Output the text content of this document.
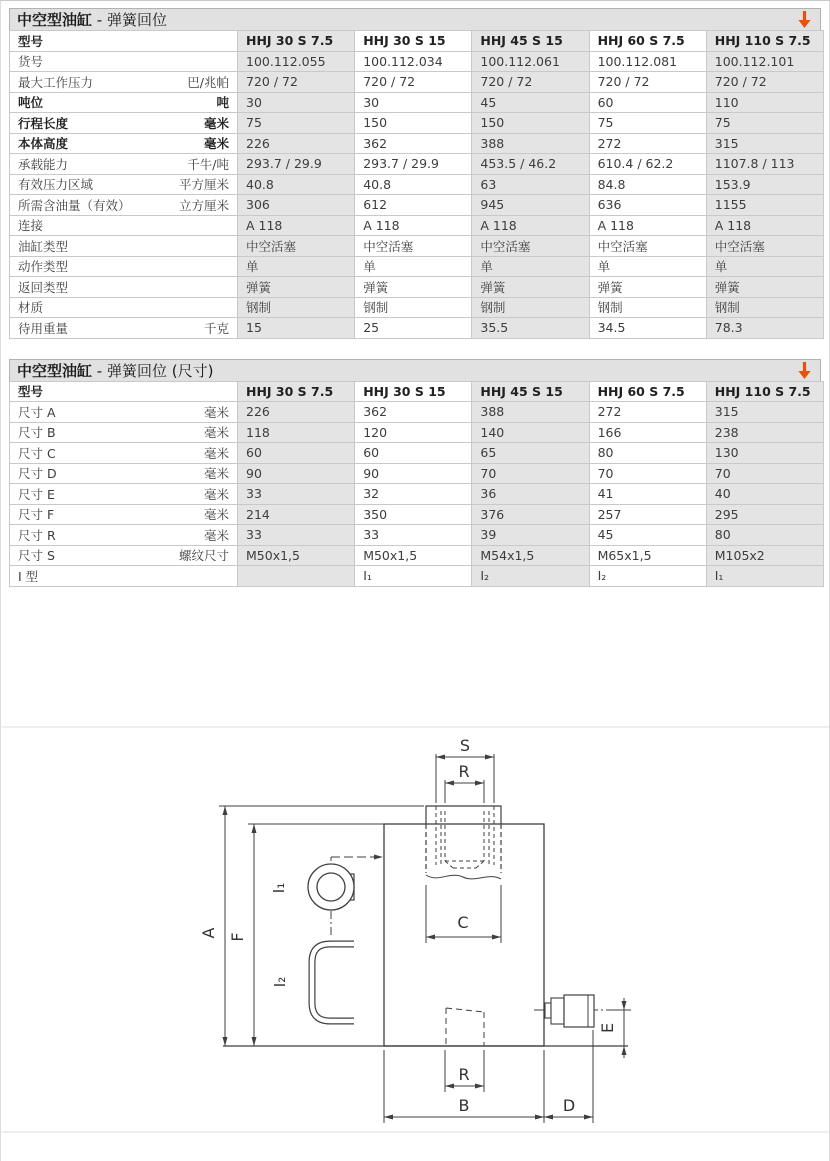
中空型油缸 - 弹簧回位
型号	HHJ 30 S 7.5	HHJ 30 S 15	HHJ 45 S 15	HHJ 60 S 7.5	HHJ 110 S 7.5
货号	100.112.055	100.112.034	100.112.061	100.112.081	100.112.101
最大工作压力 巴/兆帕	720 / 72	720 / 72	720 / 72	720 / 72	720 / 72
吨位 吨	30	30	45	60	110
行程长度 毫米	75	150	150	75	75
本体高度 毫米	226	362	388	272	315
承载能力 千牛/吨	293.7 / 29.9	293.7 / 29.9	453.5 / 46.2	610.4 / 62.2	1107.8 / 113
有效压力区域 平方厘米	40.8	40.8	63	84.8	153.9
所需含油量（有效） 立方厘米	306	612	945	636	1155
连接	A 118	A 118	A 118	A 118	A 118
油缸类型	中空活塞	中空活塞	中空活塞	中空活塞	中空活塞
动作类型	单	单	单	单	单
返回类型	弹簧	弹簧	弹簧	弹簧	弹簧
材质	钢制	钢制	钢制	钢制	钢制
待用重量 千克	15	25	35.5	34.5	78.3
中空型油缸 - 弹簧回位 (尺寸)
型号	HHJ 30 S 7.5	HHJ 30 S 15	HHJ 45 S 15	HHJ 60 S 7.5	HHJ 110 S 7.5
尺寸 A 毫米	226	362	388	272	315
尺寸 B 毫米	118	120	140	166	238
尺寸 C 毫米	60	60	65	80	130
尺寸 D 毫米	90	90	70	70	70
尺寸 E 毫米	33	32	36	41	40
尺寸 F 毫米	214	350	376	257	295
尺寸 R 毫米	33	33	39	45	80
尺寸 S 螺纹尺寸	M50x1,5	M50x1,5	M54x1,5	M65x1,5	M105x2
I 型		I₁	I₂	I₂	I₁
S
R
A F
I₁
I₂
C
E
R
B	D
